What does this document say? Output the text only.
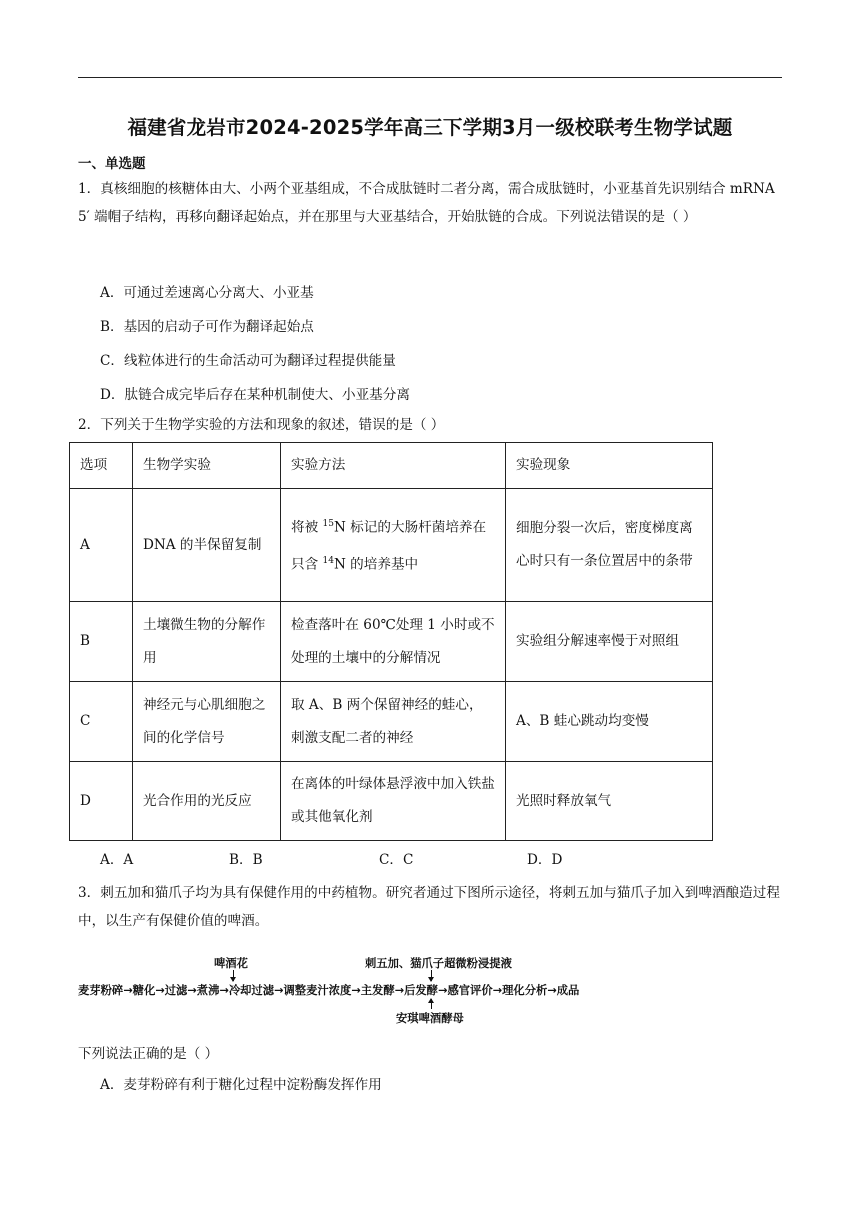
福建省龙岩市2024-2025学年高三下学期3月一级校联考生物学试题
一、单选题

1．真核细胞的核糖体由大、小两个亚基组成，不合成肽链时二者分离，需合成肽链时，小亚基首先识别结合 mRNA 5′ 端帽子结构，再移向翻译起始点，并在那里与大亚基结合，开始肽链的合成。下列说法错误的是（ ）

A．可通过差速离心分离大、小亚基
B．基因的启动子可作为翻译起始点
C．线粒体进行的生命活动可为翻译过程提供能量
D．肽链合成完毕后存在某种机制使大、小亚基分离

2．下列关于生物学实验的方法和现象的叙述，错误的是（ ）

选项	生物学实验	实验方法	实验现象
A	DNA 的半保留复制	将被 $^{15}$N 标记的大肠杆菌培养在只含 $^{14}$N 的培养基中	细胞分裂一次后，密度梯度离心时只有一条位置居中的条带
B	土壤微生物的分解作用	检查落叶在 60℃处理 1 小时或不处理的土壤中的分解情况	实验组分解速率慢于对照组
C	神经元与心肌细胞之间的化学信号	取 A、B 两个保留神经的蛙心，刺激支配二者的神经	A、B 蛙心跳动均变慢
D	光合作用的光反应	在离体的叶绿体悬浮液中加入铁盐或其他氧化剂	光照时释放氧气
A．A	B．B	C．C	D．D

3．刺五加和猫爪子均为具有保健作用的中药植物。研究者通过下图所示途径，将刺五加与猫爪子加入到啤酒酿造过程中，以生产有保健价值的啤酒。

啤酒花	刺五加、猫爪子超微粉浸提液
麦芽粉碎→糖化→过滤→煮沸→冷却过滤→调整麦汁浓度→主发酵→后发酵→感官评价→理化分析→成品
安琪啤酒酵母

下列说法正确的是（ ）

A．麦芽粉碎有利于糖化过程中淀粉酶发挥作用
